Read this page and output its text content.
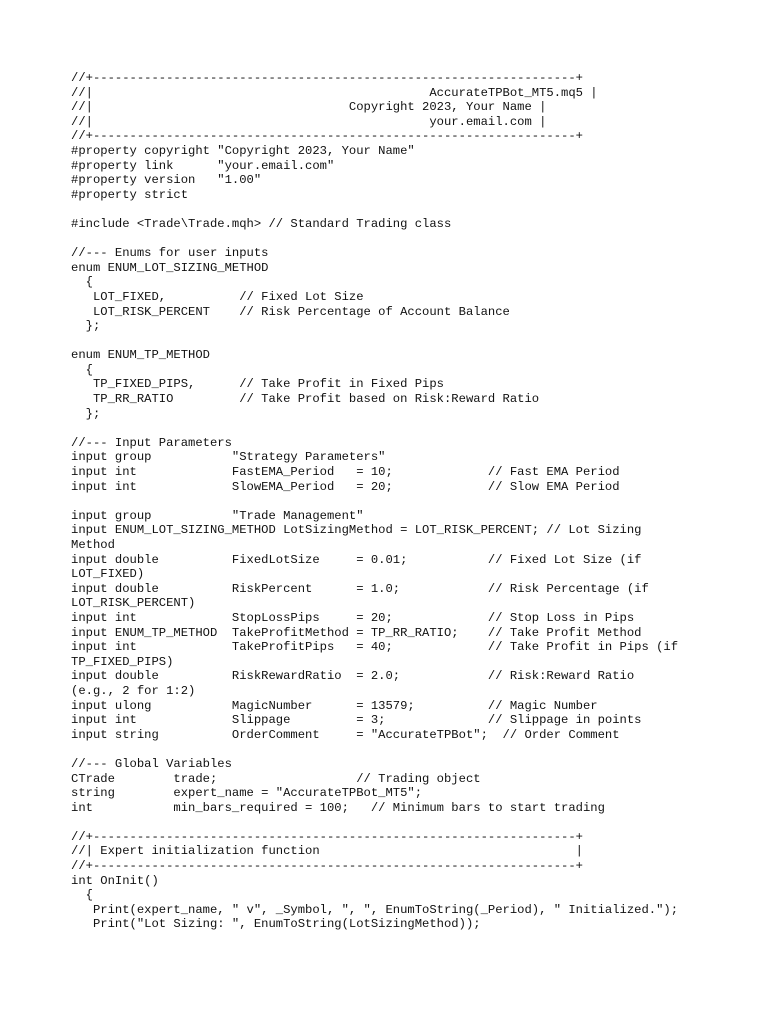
//+------------------------------------------------------------------+
//|                                              AccurateTPBot_MT5.mq5 |
//|                                   Copyright 2023, Your Name |
//|                                              your.email.com |
//+------------------------------------------------------------------+
#property copyright "Copyright 2023, Your Name"
#property link      "your.email.com"
#property version   "1.00"
#property strict

#include <Trade\Trade.mqh> // Standard Trading class

//--- Enums for user inputs
enum ENUM_LOT_SIZING_METHOD
{
LOT_FIXED,          // Fixed Lot Size
LOT_RISK_PERCENT    // Risk Percentage of Account Balance
};

enum ENUM_TP_METHOD
{
TP_FIXED_PIPS,      // Take Profit in Fixed Pips
TP_RR_RATIO         // Take Profit based on Risk:Reward Ratio
};

//--- Input Parameters
input group           "Strategy Parameters"
input int             FastEMA_Period   = 10;             // Fast EMA Period
input int             SlowEMA_Period   = 20;             // Slow EMA Period

input group           "Trade Management"
input ENUM_LOT_SIZING_METHOD LotSizingMethod = LOT_RISK_PERCENT; // Lot Sizing
Method
input double          FixedLotSize     = 0.01;           // Fixed Lot Size (if
LOT_FIXED)
input double          RiskPercent      = 1.0;            // Risk Percentage (if
LOT_RISK_PERCENT)
input int             StopLossPips     = 20;             // Stop Loss in Pips
input ENUM_TP_METHOD  TakeProfitMethod = TP_RR_RATIO;    // Take Profit Method
input int             TakeProfitPips   = 40;             // Take Profit in Pips (if
TP_FIXED_PIPS)
input double          RiskRewardRatio  = 2.0;            // Risk:Reward Ratio
(e.g., 2 for 1:2)
input ulong           MagicNumber      = 13579;          // Magic Number
input int             Slippage         = 3;              // Slippage in points
input string          OrderComment     = "AccurateTPBot";  // Order Comment

//--- Global Variables
CTrade        trade;                   // Trading object
string        expert_name = "AccurateTPBot_MT5";
int           min_bars_required = 100;   // Minimum bars to start trading

//+------------------------------------------------------------------+
//| Expert initialization function                                   |
//+------------------------------------------------------------------+
int OnInit()
{
Print(expert_name, " v", _Symbol, ", ", EnumToString(_Period), " Initialized.");
Print("Lot Sizing: ", EnumToString(LotSizingMethod));
